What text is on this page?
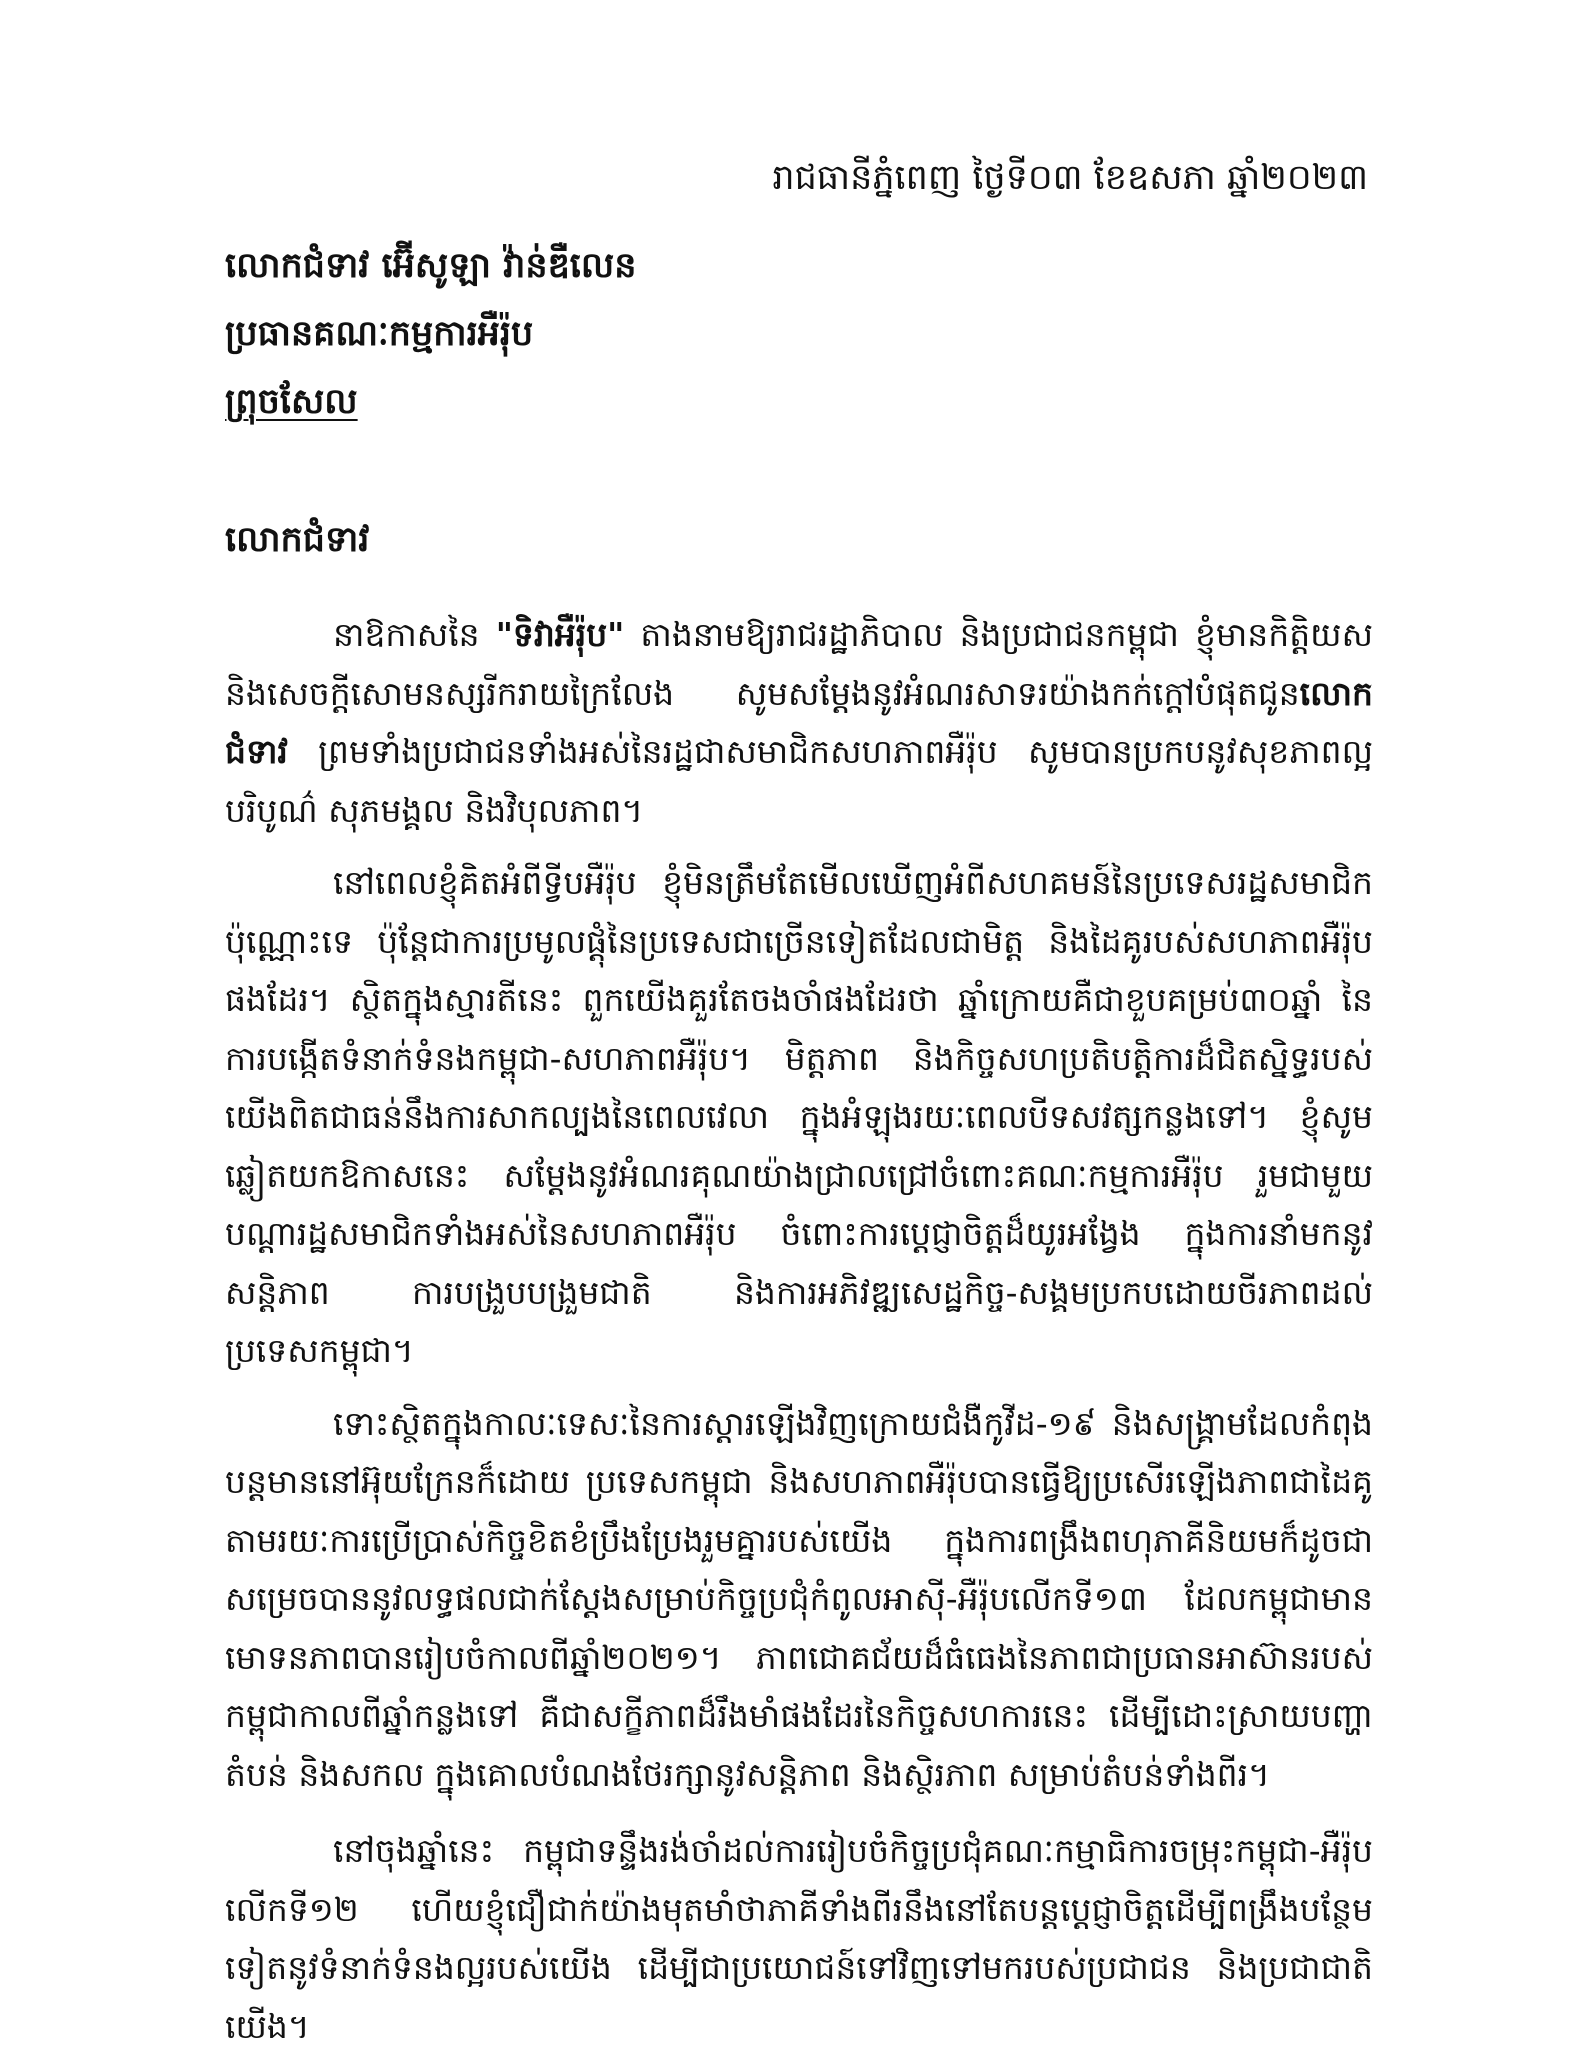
រាជធានីភ្នំពេញ ថ្ងៃទី០៣ ខែឧសភា ឆ្នាំ២០២៣
លោកជំទាវ អ៊ើសូឡា វ៉ាន់ឌឺលេន
ប្រធានគណៈកម្មការអឺរ៉ុប
ព្រុចសែល
លោកជំទាវ

នាឱកាសនៃ "ទិវាអឺរ៉ុប" តាងនាមឱ្យរាជរដ្ឋាភិបាល និងប្រជាជនកម្ពុជា ខ្ញុំមានកិត្តិយស និងសេចក្តីសោមនស្សរីករាយក្រៃលែង សូមសម្តែងនូវអំណរសាទរយ៉ាងកក់ក្តៅបំផុតជូនលោកជំទាវ ព្រមទាំងប្រជាជនទាំងអស់នៃរដ្ឋជាសមាជិកសហភាពអឺរ៉ុប សូមបានប្រកបនូវសុខភាពល្អបរិបូណ៌ សុភមង្គល និងវិបុលភាព។

នៅពេលខ្ញុំគិតអំពីទ្វីបអឺរ៉ុប ខ្ញុំមិនត្រឹមតែមើលឃើញអំពីសហគមន៍នៃប្រទេសរដ្ឋសមាជិកប៉ុណ្ណោះទេ ប៉ុន្តែជាការប្រមូលផ្តុំនៃប្រទេសជាច្រើនទៀតដែលជាមិត្ត និងដៃគូរបស់សហភាពអឺរ៉ុបផងដែរ។ ស្ថិតក្នុងស្មារតីនេះ ពួកយើងគួរតែចងចាំផងដែរថា ឆ្នាំក្រោយគឺជាខួបគម្រប់៣០ឆ្នាំ នៃការបង្កើតទំនាក់ទំនងកម្ពុជា-សហភាពអឺរ៉ុប។ មិត្តភាព និងកិច្ចសហប្រតិបត្តិការដ៏ជិតស្និទ្ធរបស់យើងពិតជាធន់នឹងការសាកល្បងនៃពេលវេលា ក្នុងអំឡុងរយៈពេលបីទសវត្សកន្លងទៅ។ ខ្ញុំសូមឆ្លៀតយកឱកាសនេះ សម្តែងនូវអំណរគុណយ៉ាងជ្រាលជ្រៅចំពោះគណៈកម្មការអឺរ៉ុប រួមជាមួយបណ្តារដ្ឋសមាជិកទាំងអស់នៃសហភាពអឺរ៉ុប ចំពោះការប្តេជ្ញាចិត្តដ៏យូរអង្វែង ក្នុងការនាំមកនូវសន្តិភាព ការបង្រួបបង្រួមជាតិ និងការអភិវឌ្ឍសេដ្ឋកិច្ច-សង្គមប្រកបដោយចីរភាពដល់ប្រទេសកម្ពុជា។

ទោះស្ថិតក្នុងកាលៈទេសៈនៃការស្តារឡើងវិញក្រោយជំងឺកូវីដ-១៩ និងសង្គ្រាមដែលកំពុងបន្តមាននៅអ៊ុយក្រែនក៏ដោយ ប្រទេសកម្ពុជា និងសហភាពអឺរ៉ុបបានធ្វើឱ្យប្រសើរឡើងភាពជាដៃគូតាមរយៈការប្រើប្រាស់កិច្ចខិតខំប្រឹងប្រែងរួមគ្នារបស់យើង ក្នុងការពង្រឹងពហុភាគីនិយមក៏ដូចជាសម្រេចបាននូវលទ្ធផលជាក់ស្តែងសម្រាប់កិច្ចប្រជុំកំពូលអាស៊ី-អឺរ៉ុបលើកទី១៣ ដែលកម្ពុជាមានមោទនភាពបានរៀបចំកាលពីឆ្នាំ២០២១។ ភាពជោគជ័យដ៏ធំធេងនៃភាពជាប្រធានអាស៊ានរបស់កម្ពុជាកាលពីឆ្នាំកន្លងទៅ គឺជាសក្ខីភាពដ៏រឹងមាំផងដែរនៃកិច្ចសហការនេះ ដើម្បីដោះស្រាយបញ្ហាតំបន់ និងសកល ក្នុងគោលបំណងថែរក្សានូវសន្តិភាព និងស្ថិរភាព សម្រាប់តំបន់ទាំងពីរ។

នៅចុងឆ្នាំនេះ កម្ពុជាទន្ទឹងរង់ចាំដល់ការរៀបចំកិច្ចប្រជុំគណៈកម្មាធិការចម្រុះកម្ពុជា-អឺរ៉ុបលើកទី១២ ហើយខ្ញុំជឿជាក់យ៉ាងមុតមាំថាភាគីទាំងពីរនឹងនៅតែបន្តប្តេជ្ញាចិត្តដើម្បីពង្រឹងបន្ថែមទៀតនូវទំនាក់ទំនងល្អរបស់យើង ដើម្បីជាប្រយោជន៍ទៅវិញទៅមករបស់ប្រជាជន និងប្រជាជាតិយើង។
